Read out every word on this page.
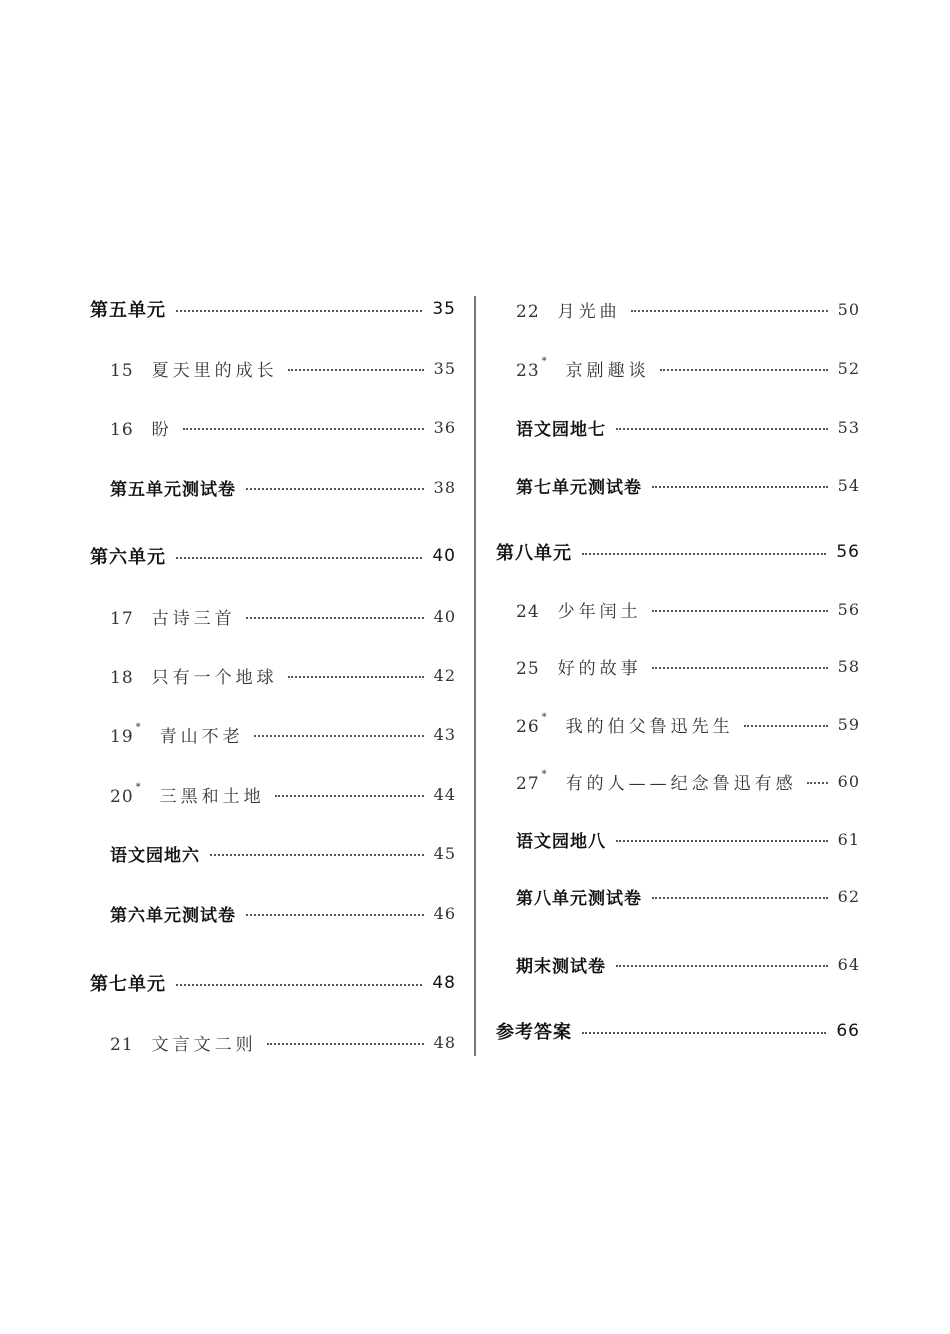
第五单元	35
15 夏天里的成长	35
16 盼	36
第五单元测试卷	38
第六单元	40
17 古诗三首	40
18 只有一个地球	42
19 * 青山不老	43
20 * 三黑和土地	44
语文园地六	45
第六单元测试卷	46
第七单元	48
21 文言文二则	48
22 月光曲	50
23 * 京剧趣谈	52
语文园地七	53
第七单元测试卷	54
第八单元	56
24 少年闰土	56
25 好的故事	58
26 * 我的伯父鲁迅先生	59
27 * 有的人——纪念鲁迅有感	60
语文园地八	61
第八单元测试卷	62
期末测试卷	64
参考答案	66
